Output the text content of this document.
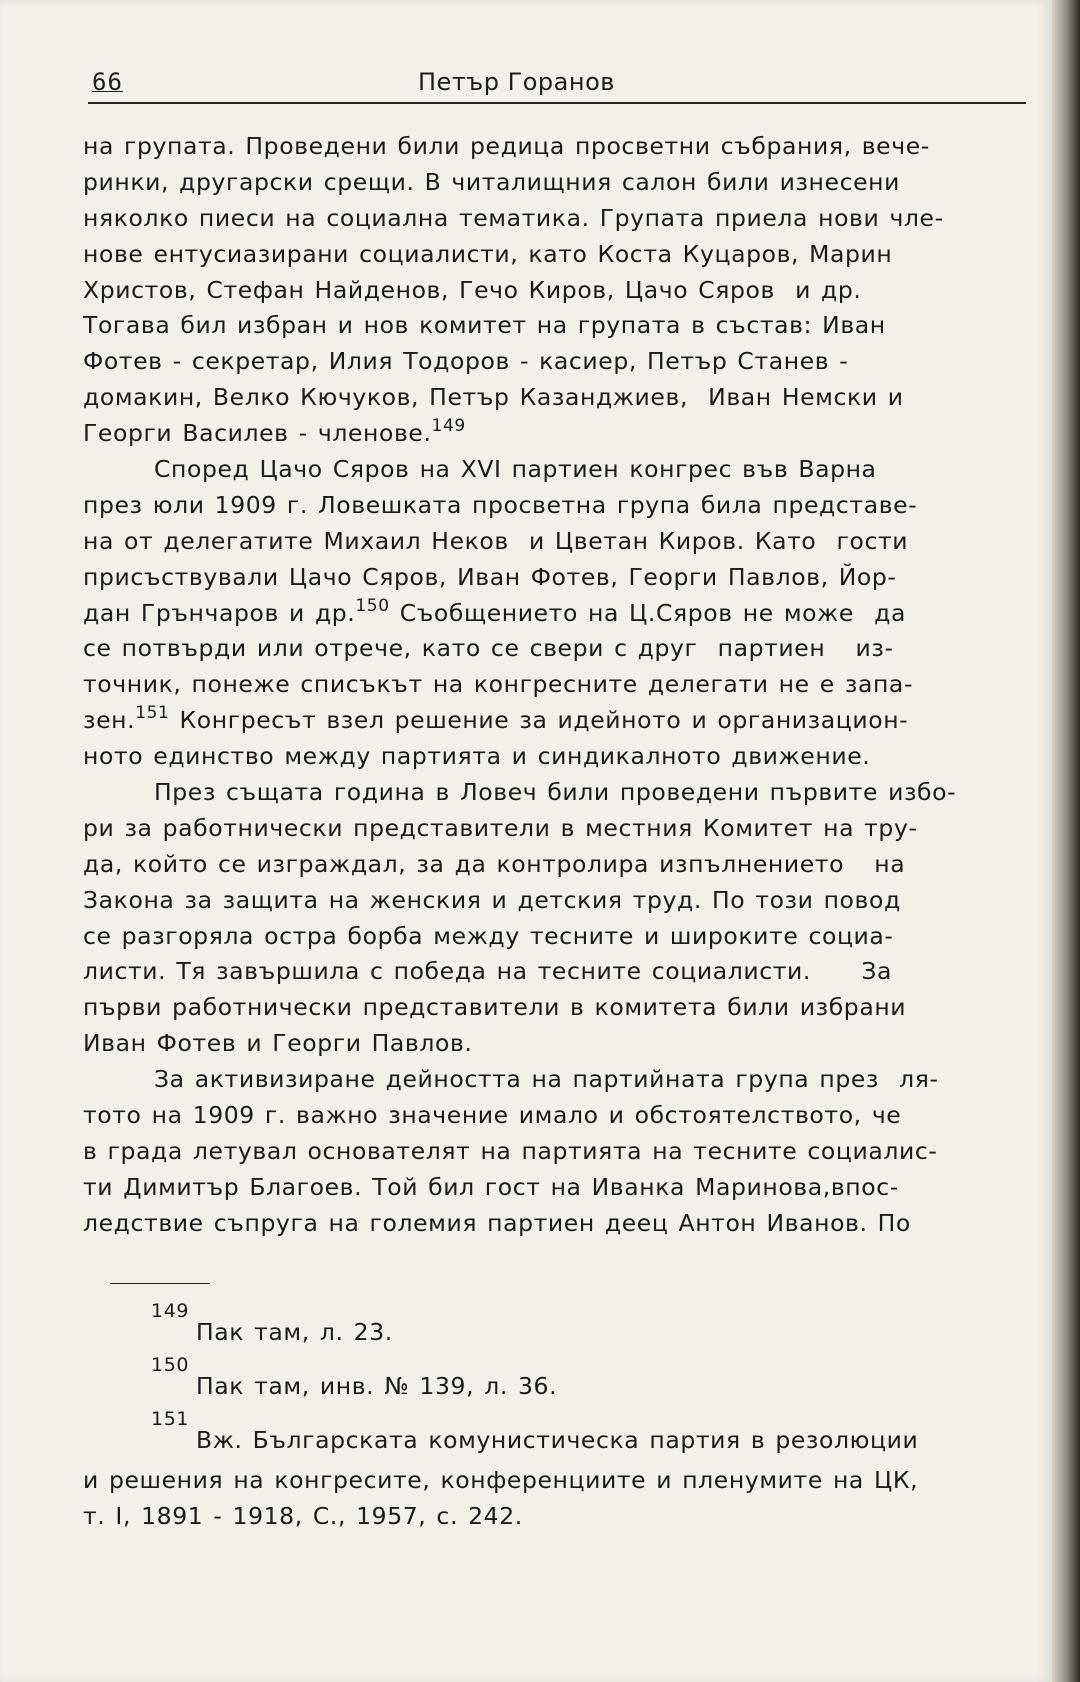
66	Петър Горанов
на групата. Проведени били редица просветни събрания, вече-
ринки, другарски срещи. В читалищния салон били изнесени
няколко пиеси на социална тематика. Групата приела нови чле-
нове ентусиазирани социалисти, като Коста Куцаров, Марин
Христов, Стефан Найденов, Гечо Киров, Цачо Сяров  и др.
Тогава бил избран и нов комитет на групата в състав: Иван
Фотев - секретар, Илия Тодоров - касиер, Петър Станев -
домакин, Велко Кючуков, Петър Казанджиев,  Иван Немски и
Георги Василев - членове.$^{149}$
Според Цачо Сяров на XVI партиен конгрес във Варна
през юли 1909 г. Ловешката просветна група била представе-
на от делегатите Михаил Неков  и Цветан Киров. Като  гости
присъствували Цачо Сяров, Иван Фотев, Георги Павлов, Йор-
дан Грънчаров и др.$^{150}$ Съобщението на Ц.Сяров не може  да
се потвърди или отрече, като се свери с друг  партиен   из-
точник, понеже списъкът на конгресните делегати не е запа-
зен.$^{151}$ Конгресът взел решение за идейното и организацион-
ното единство между партията и синдикалното движение.
През същата година в Ловеч били проведени първите избо-
ри за работнически представители в местния Комитет на тру-
да, който се изграждал, за да контролира изпълнението   на
Закона за защита на женския и детския труд. По този повод
се разгоряла остра борба между тесните и широките социа-
листи. Тя завършила с победа на тесните социалисти.     За
първи работнически представители в комитета били избрани
Иван Фотев и Георги Павлов.
За активизиране дейността на партийната група през  ля-
тото на 1909 г. важно значение имало и обстоятелството, че
в града летувал основателят на партията на тесните социалис-
ти Димитър Благоев. Той бил гост на Иванка Маринова,впос-
ледствие съпруга на големия партиен деец Антон Иванов. По
149
Пак там, л. 23.
150
Пак там, инв. № 139, л. 36.
151
Вж. Българската комунистическа партия в резолюции
и решения на конгресите, конференциите и пленумите на ЦК,
т. I, 1891 - 1918, С., 1957, с. 242.
